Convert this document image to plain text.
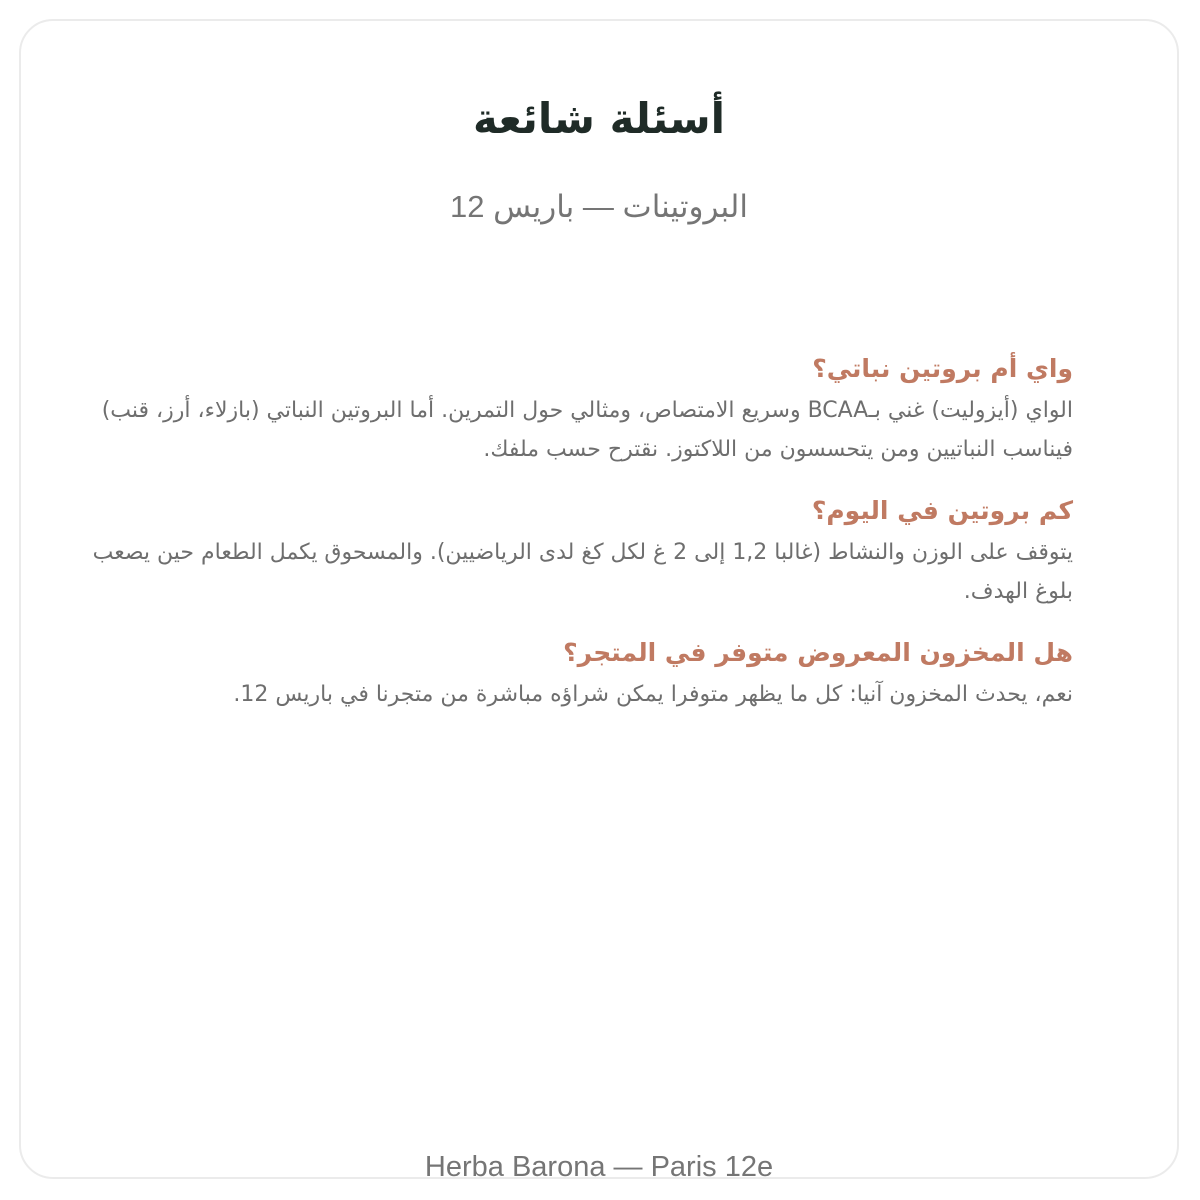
أسئلة شائعة
البروتينات — باريس 12
واي أم بروتين نباتي؟

الواي (أيزوليت) غني بـBCAA وسريع الامتصاص، ومثالي حول التمرين. أما البروتين النباتي (بازلاء، أرز، قنب) فيناسب النباتيين ومن يتحسسون من اللاكتوز. نقترح حسب ملفك.

كم بروتين في اليوم؟

يتوقف على الوزن والنشاط (غالبا 1,2 إلى 2 غ لكل كغ لدى الرياضيين). والمسحوق يكمل الطعام حين يصعب بلوغ الهدف.

هل المخزون المعروض متوفر في المتجر؟

نعم، يحدث المخزون آنيا: كل ما يظهر متوفرا يمكن شراؤه مباشرة من متجرنا في باريس 12.

Herba Barona — Paris 12e
